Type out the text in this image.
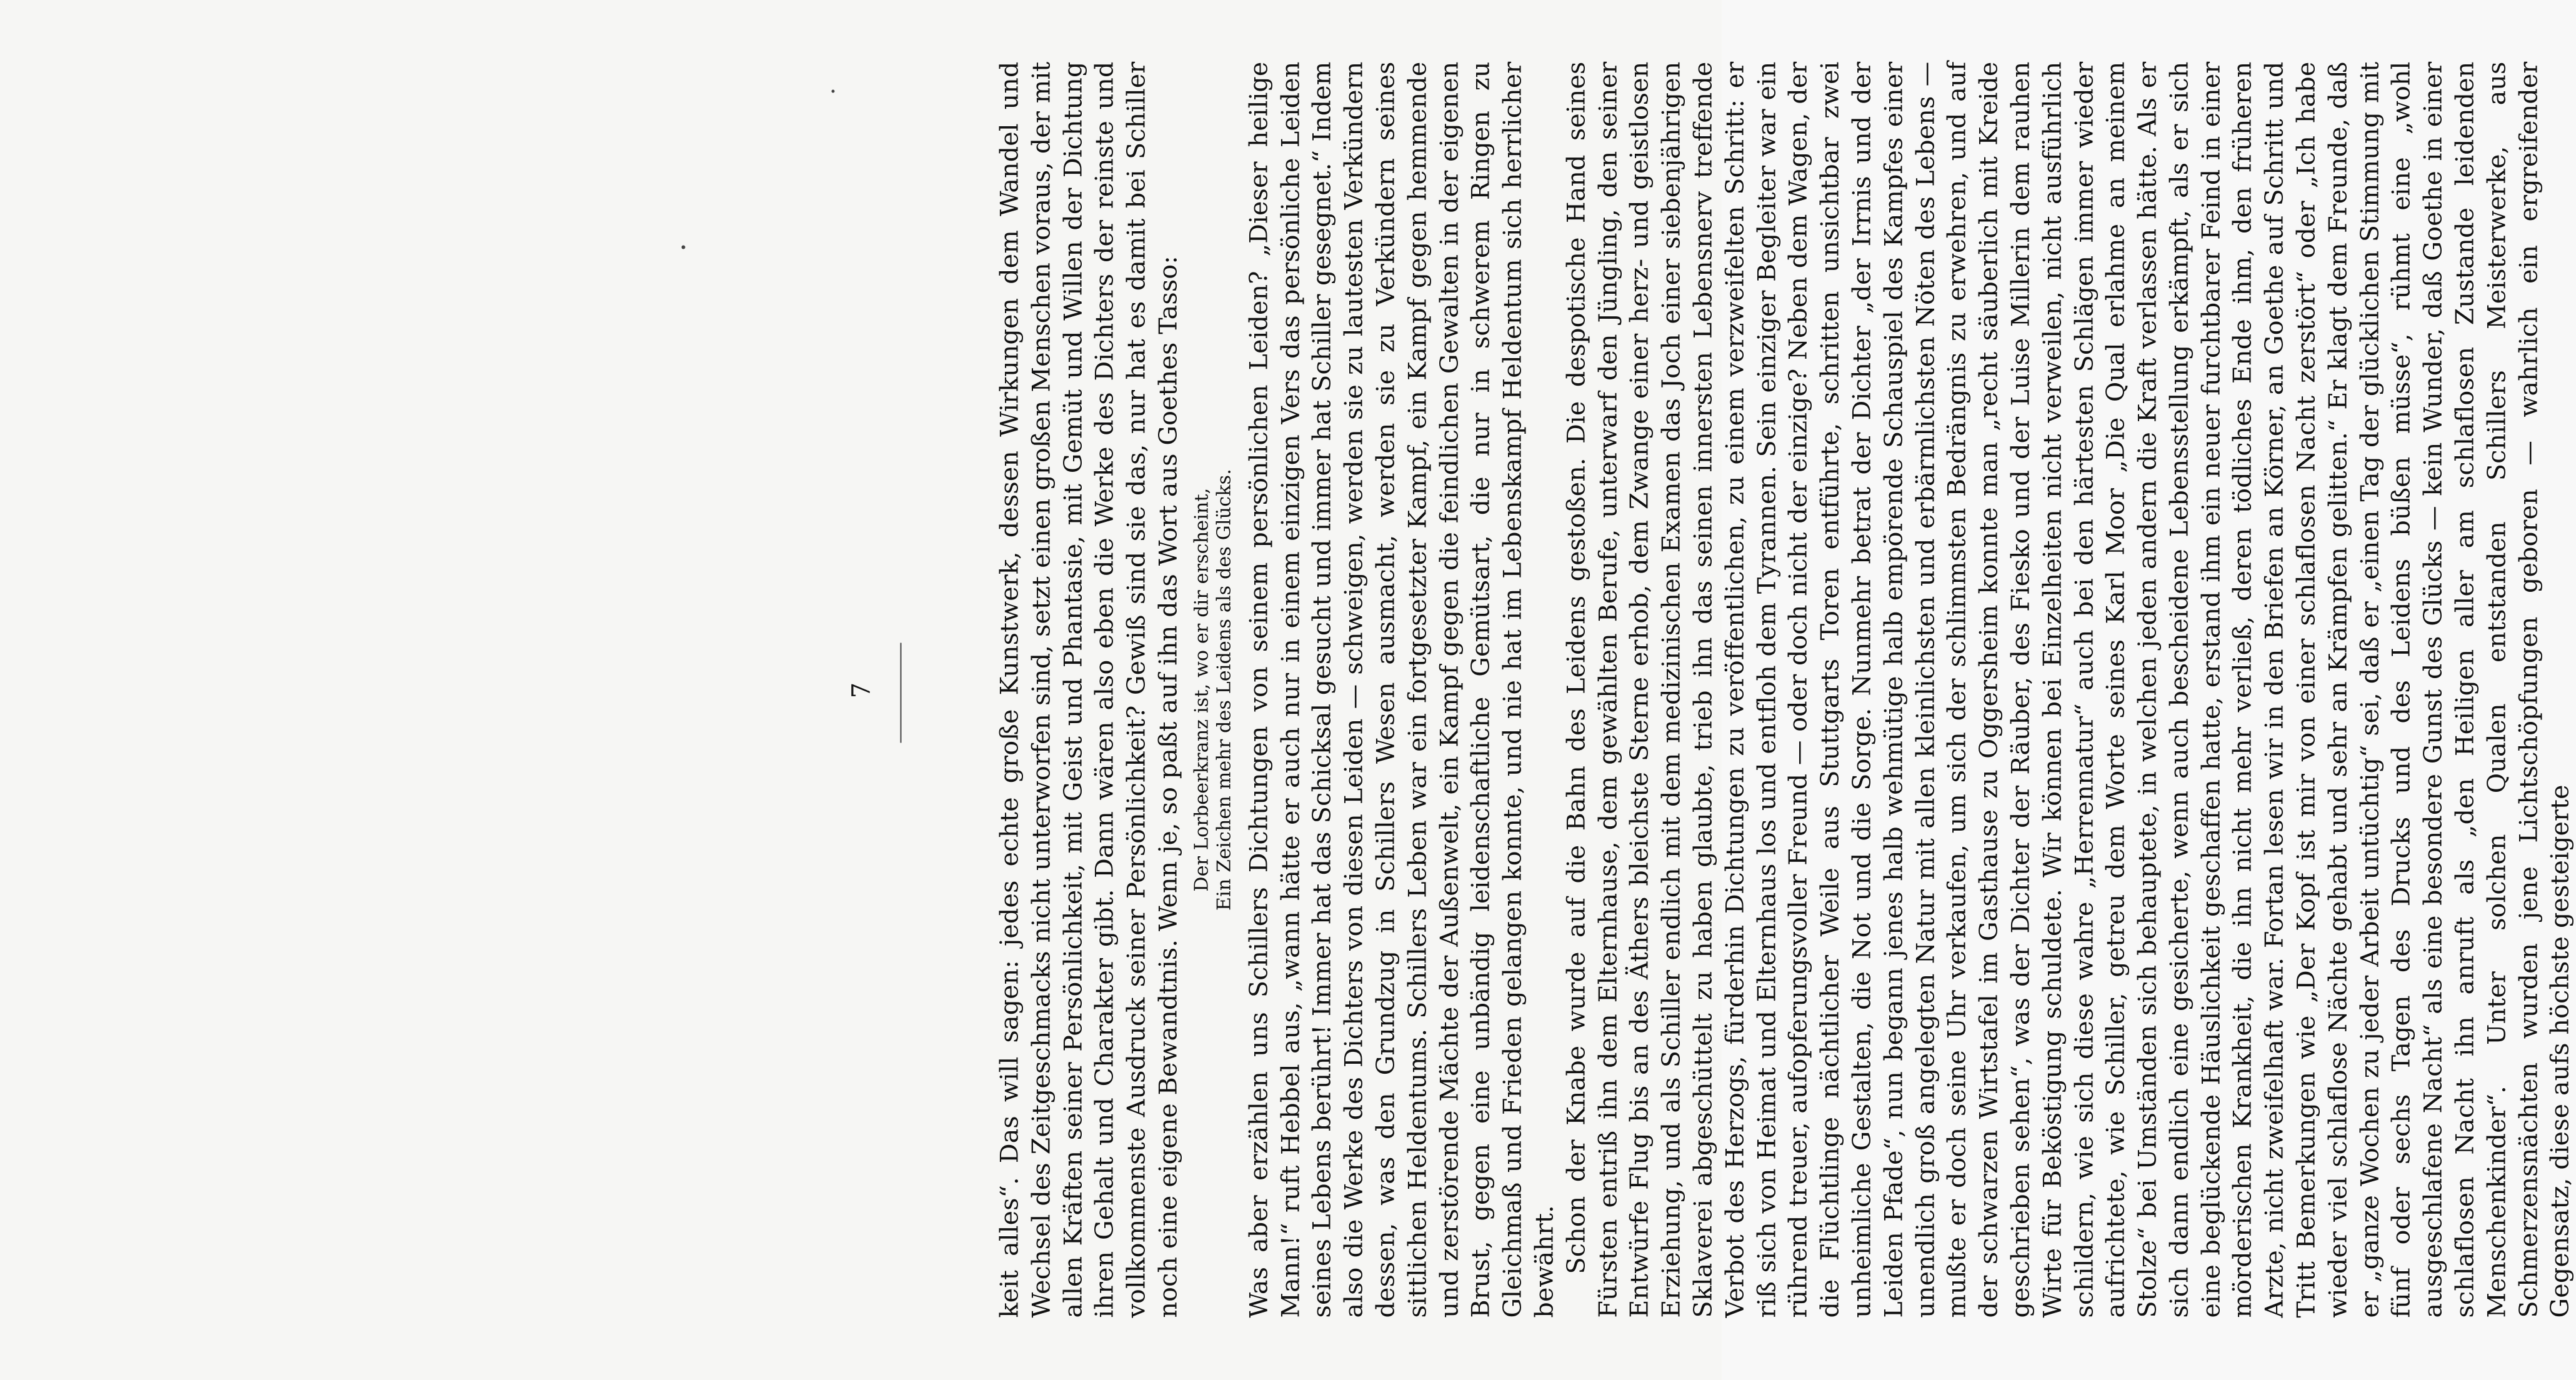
7	keit alles“. Das will sagen: jedes echte große Kunstwerk, dessen Wirkungen dem Wandel und Wechsel des Zeitgeschmacks nicht unterworfen sind, setzt einen großen Menschen voraus, der mit allen Kräften seiner Persönlichkeit, mit Geist und Phantasie, mit Gemüt und Willen der Dichtung ihren Gehalt und Charakter gibt. Dann wären also eben die Werke des Dichters der reinste und vollkommenste Ausdruck seiner Persönlichkeit? Gewiß sind sie das, nur hat es damit bei Schiller noch eine eigene Bewandtnis. Wenn je, so paßt auf ihn das Wort aus Goethes Tasso: Der Lorbeerkranz ist, wo er dir erscheint, Ein Zeichen mehr des Leidens als des Glücks. Was aber erzählen uns Schillers Dichtungen von seinem persönlichen Leiden? „Dieser heilige Mann!“ ruft Hebbel aus, „wann hätte er auch nur in einem einzigen Vers das persönliche Leiden seines Lebens berührt! Immer hat das Schicksal gesucht und immer hat Schiller gesegnet.“ Indem also die Werke des Dichters von diesen Leiden — schweigen, werden sie zu lautesten Verkündern dessen, was den Grundzug in Schillers Wesen ausmacht, werden sie zu Verkündern seines sittlichen Heldentums. Schillers Leben war ein fortgesetzter Kampf, ein Kampf gegen hemmende und zerstörende Mächte der Außenwelt, ein Kampf gegen die feindlichen Gewalten in der eigenen Brust, gegen eine unbändig leidenschaftliche Gemütsart, die nur in schwerem Ringen zu Gleichmaß und Frieden gelangen konnte, und nie hat im Lebenskampf Heldentum sich herrlicher bewährt. Schon der Knabe wurde auf die Bahn des Leidens gestoßen. Die despotische Hand seines Fürsten entriß ihn dem Elternhause, dem gewählten Berufe, unterwarf den Jüngling, den seiner Entwürfe Flug bis an des Äthers bleichste Sterne erhob, dem Zwange einer herz- und geistlosen Erziehung, und als Schiller endlich mit dem medizinischen Examen das Joch einer siebenjährigen Sklaverei abgeschüttelt zu haben glaubte, trieb ihn das seinen innersten Lebensnerv treffende Verbot des Herzogs, fürderhin Dichtungen zu veröffentlichen, zu einem verzweifelten Schritt: er riß sich von Heimat und Elternhaus los und entfloh dem Tyrannen. Sein einziger Begleiter war ein rührend treuer, aufopferungsvoller Freund — oder doch nicht der einzige? Neben dem Wagen, der die Flüchtlinge nächtlicher Weile aus Stuttgarts Toren entführte, schritten unsichtbar zwei unheimliche Gestalten, die Not und die Sorge. Nunmehr betrat der Dichter „der Irrnis und der Leiden Pfade“, nun begann jenes halb wehmütige halb empörende Schauspiel des Kampfes einer unendlich groß angelegten Natur mit allen kleinlichsten und erbärmlichsten Nöten des Lebens — mußte er doch seine Uhr verkaufen, um sich der schlimmsten Bedrängnis zu erwehren, und auf der schwarzen Wirtstafel im Gasthause zu Oggersheim konnte man „recht säuberlich mit Kreide geschrieben sehen“, was der Dichter der Räuber, des Fiesko und der Luise Millerin dem rauhen Wirte für Beköstigung schuldete. Wir können bei Einzelheiten nicht verweilen, nicht ausführlich schildern, wie sich diese wahre „Herrennatur“ auch bei den härtesten Schlägen immer wieder aufrichtete, wie Schiller, getreu dem Worte seines Karl Moor „Die Qual erlahme an meinem Stolze“ bei Umständen sich behauptete, in welchen jeden andern die Kraft verlassen hätte. Als er sich dann endlich eine gesicherte, wenn auch bescheidene Lebensstellung erkämpft, als er sich eine beglückende Häuslichkeit geschaffen hatte, erstand ihm ein neuer furchtbarer Feind in einer mörderischen Krankheit, die ihn nicht mehr verließ, deren tödliches Ende ihm, den früheren Arzte, nicht zweifelhaft war. Fortan lesen wir in den Briefen an Körner, an Goethe auf Schritt und Tritt Bemerkungen wie „Der Kopf ist mir von einer schlaflosen Nacht zerstört“ oder „Ich habe wieder viel schlaflose Nächte gehabt und sehr an Krämpfen gelitten.“ Er klagt dem Freunde, daß er „ganze Wochen zu jeder Arbeit untüchtig“ sei, daß er „einen Tag der glücklichen Stimmung mit fünf oder sechs Tagen des Drucks und des Leidens büßen müsse“, rühmt eine „wohl ausgeschlafene Nacht“ als eine besondere Gunst des Glücks — kein Wunder, daß Goethe in einer schlaflosen Nacht ihn anruft als „den Heiligen aller am schlaflosen Zustande leidenden Menschenkinder“. Unter solchen Qualen entstanden Schillers Meisterwerke, aus Schmerzensnächten wurden jene Lichtschöpfungen geboren — wahrlich ein ergreifender Gegensatz, diese aufs höchste gesteigerte
